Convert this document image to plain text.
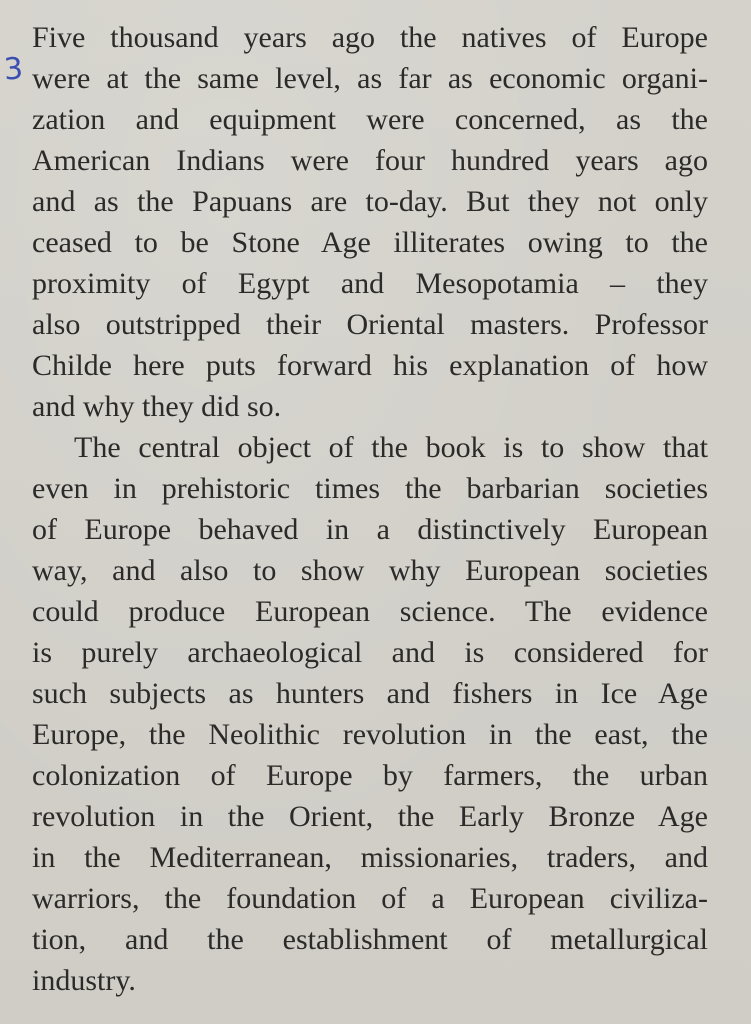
3
Five thousand years ago the natives of Europe
were at the same level, as far as economic organi-
zation and equipment were concerned, as the
American Indians were four hundred years ago
and as the Papuans are to-day. But they not only
ceased to be Stone Age illiterates owing to the
proximity of Egypt and Mesopotamia – they
also outstripped their Oriental masters. Professor
Childe here puts forward his explanation of how
and why they did so.
The central object of the book is to show that
even in prehistoric times the barbarian societies
of Europe behaved in a distinctively European
way, and also to show why European societies
could produce European science. The evidence
is purely archaeological and is considered for
such subjects as hunters and fishers in Ice Age
Europe, the Neolithic revolution in the east, the
colonization of Europe by farmers, the urban
revolution in the Orient, the Early Bronze Age
in the Mediterranean, missionaries, traders, and
warriors, the foundation of a European civiliza-
tion, and the establishment of metallurgical
industry.
